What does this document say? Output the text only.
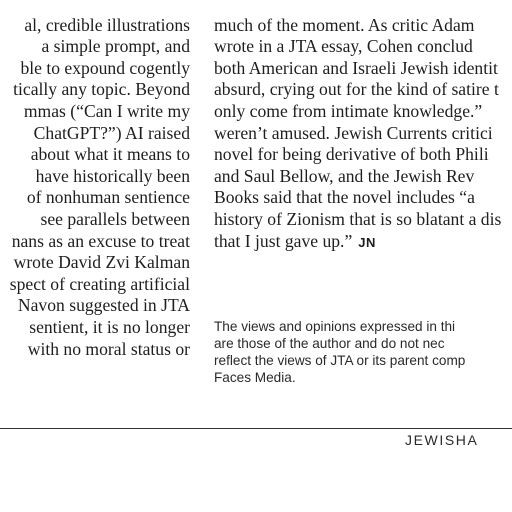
al, credible illustrations
a simple prompt, and
ble to expound cogently
tically any topic. Beyond
mmas (“Can I write my
ChatGPT?”) AI raised
about what it means to
have historically been
of nonhuman sentience
see parallels between
nans as an excuse to treat
wrote David Zvi Kalman
spect of creating artificial
Navon suggested in JTA
sentient, it is no longer
with no moral status or

much of the moment. As critic Adam
wrote in a JTA essay, Cohen conclud
both American and Israeli Jewish identit
absurd, crying out for the kind of satire t
only come from intimate knowledge.”
weren’t amused. Jewish Currents critici
novel for being derivative of both Phili
and Saul Bellow, and the Jewish Rev
Books said that the novel includes “a
history of Zionism that is so blatant a dis
that I just gave up.” JN
The views and opinions expressed in thi
are those of the author and do not nec
reflect the views of JTA or its parent comp
Faces Media.
JEWISHA
